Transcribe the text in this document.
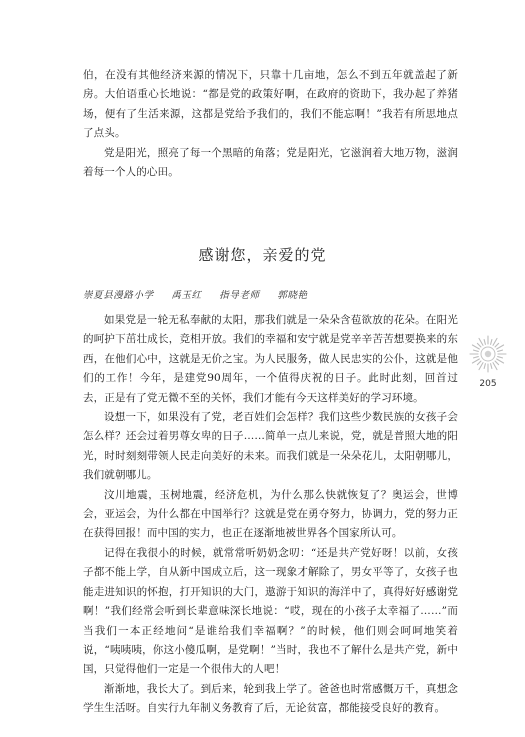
伯，在没有其他经济来源的情况下，只靠十几亩地，怎么不到五年就盖起了新房。大伯语重心长地说：“都是党的政策好啊，在政府的资助下，我办起了养猪场，便有了生活来源，这都是党给予我们的，我们不能忘啊！”我若有所思地点了点头。

党是阳光，照亮了每一个黑暗的角落；党是阳光，它滋润着大地万物，滋润着每一个人的心田。

感谢您，亲爱的党
崇夏县漫路小学 禹玉红 指导老师 郭晓艳

如果党是一轮无私奉献的太阳，那我们就是一朵朵含苞欲放的花朵。在阳光的呵护下茁壮成长，竞相开放。我们的幸福和安宁就是党辛辛苦苦想要换来的东西，在他们心中，这就是无价之宝。为人民服务，做人民忠实的公仆，这就是他们的工作！今年，是建党90周年，一个值得庆祝的日子。此时此刻，回首过去，正是有了党无微不至的关怀，我们才能有今天这样美好的学习环境。

设想一下，如果没有了党，老百姓们会怎样？我们这些少数民族的女孩子会怎么样？还会过着男尊女卑的日子……简单一点儿来说，党，就是普照大地的阳光，时时刻刻带领人民走向美好的未来。而我们就是一朵朵花儿，太阳朝哪儿，我们就朝哪儿。

汶川地震，玉树地震，经济危机，为什么那么快就恢复了？奥运会，世博会，亚运会，为什么都在中国举行？这就是党在勇夺努力，协调力，党的努力正在获得回报！而中国的实力，也正在逐渐地被世界各个国家所认可。

记得在我很小的时候，就常常听奶奶念叨：“还是共产党好呀！以前，女孩子都不能上学，自从新中国成立后，这一现象才解除了，男女平等了，女孩子也能走进知识的怀抱，打开知识的大门，遨游于知识的海洋中了，真得好好感谢党啊！”我们经常会听到长辈意味深长地说：“哎，现在的小孩子太幸福了……”而当我们一本正经地问“是谁给我们幸福啊？”的时候，他们则会呵呵地笑着说，“咦咦咦，你这小傻瓜啊，是党啊！”当时，我也不了解什么是共产党，新中国，只觉得他们一定是一个很伟大的人吧！

渐渐地，我长大了。到后来，轮到我上学了。爸爸也时常感慨万千，真想念学生生活呀。自实行九年制义务教育了后，无论贫富，都能接受良好的教育。

205
